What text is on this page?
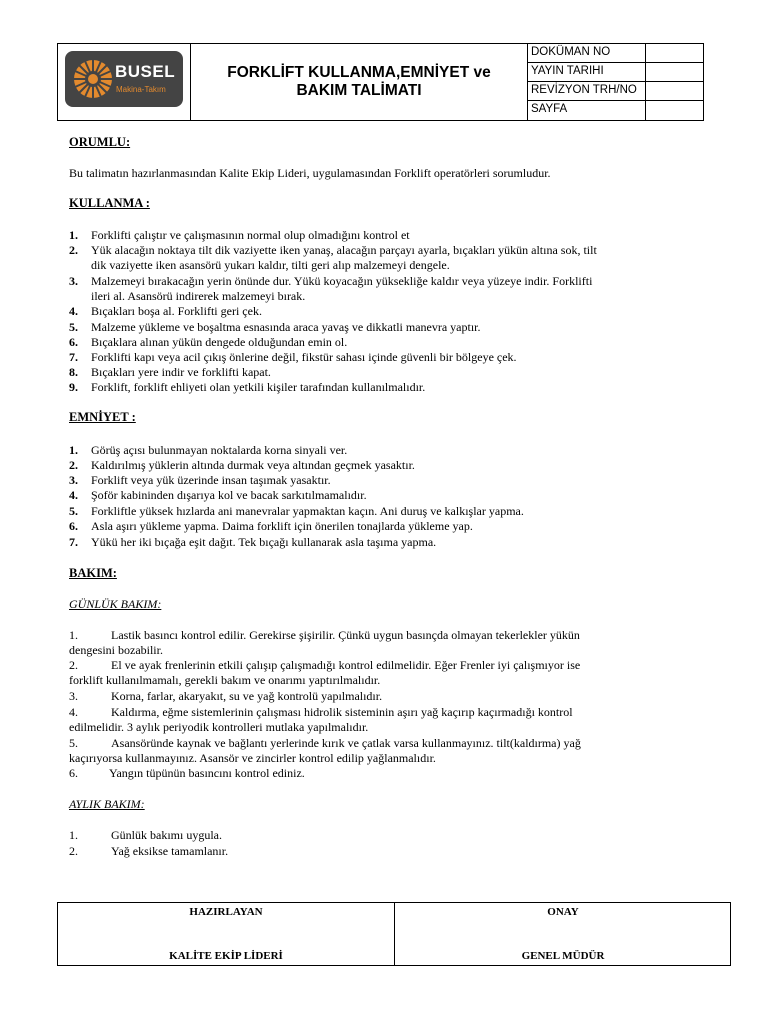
BUSEL
Makina-Takım
FORKLİFT KULLANMA,EMNİYET ve
BAKIM TALİMATI
DOKÜMAN NO
YAYIN TARIHI
REVİZYON TRH/NO
SAYFA
ORUMLU:
Bu talimatın hazırlanmasından Kalite Ekip Lideri, uygulamasından Forklift operatörleri sorumludur.
KULLANMA :
1. Forklifti çalıştır ve çalışmasının normal olup olmadığını kontrol et
2. Yük alacağın noktaya tilt dik vaziyette iken yanaş, alacağın parçayı ayarla, bıçakları yükün altına sok, tilt
dik vaziyette iken asansörü yukarı kaldır, tilti geri alıp malzemeyi dengele.
3. Malzemeyi bırakacağın yerin önünde dur. Yükü koyacağın yüksekliğe kaldır veya yüzeye indir. Forklifti
ileri al. Asansörü indirerek malzemeyi bırak.
4. Bıçakları boşa al. Forklifti geri çek.
5. Malzeme yükleme ve boşaltma esnasında araca yavaş ve dikkatli manevra yaptır.
6. Bıçaklara alınan yükün dengede olduğundan emin ol.
7. Forklifti kapı veya acil çıkış önlerine değil, fikstür sahası içinde güvenli bir bölgeye çek.
8. Bıçakları yere indir ve forklifti kapat.
9. Forklift, forklift ehliyeti olan yetkili kişiler tarafından kullanılmalıdır.
EMNİYET :
1. Görüş açısı bulunmayan noktalarda korna sinyali ver.
2. Kaldırılmış yüklerin altında durmak veya altından geçmek yasaktır.
3. Forklift veya yük üzerinde insan taşımak yasaktır.
4. Şoför kabininden dışarıya kol ve bacak sarkıtılmamalıdır.
5. Forkliftle yüksek hızlarda ani manevralar yapmaktan kaçın. Ani duruş ve kalkışlar yapma.
6. Asla aşırı yükleme yapma. Daima forklift için önerilen tonajlarda yükleme yap.
7. Yükü her iki bıçağa eşit dağıt. Tek bıçağı kullanarak asla taşıma yapma.
BAKIM:
GÜNLÜK BAKIM:
1.	Lastik basıncı kontrol edilir. Gerekirse şişirilir. Çünkü uygun basınçda olmayan tekerlekler yükün
dengesini bozabilir.
2.	El ve ayak frenlerinin etkili çalışıp çalışmadığı kontrol edilmelidir. Eğer Frenler iyi çalışmıyor ise
forklift kullanılmamalı, gerekli bakım ve onarımı yaptırılmalıdır.
3.	Korna, farlar, akaryakıt, su ve yağ kontrolü yapılmalıdır.
4.	Kaldırma, eğme sistemlerinin çalışması hidrolik sisteminin aşırı yağ kaçırıp kaçırmadığı kontrol
edilmelidir. 3 aylık periyodik kontrolleri mutlaka yapılmalıdır.
5.	Asansöründe kaynak ve bağlantı yerlerinde kırık ve çatlak varsa kullanmayınız. tilt(kaldırma) yağ
kaçırıyorsa kullanmayınız. Asansör ve zincirler kontrol edilip yağlanmalıdır.
6.	Yangın tüpünün basıncını kontrol ediniz.
AYLIK BAKIM:
1.	Günlük bakımı uygula.
2.	Yağ eksikse tamamlanır.
HAZIRLAYAN
KALİTE EKİP LİDERİ
ONAY
GENEL MÜDÜR
